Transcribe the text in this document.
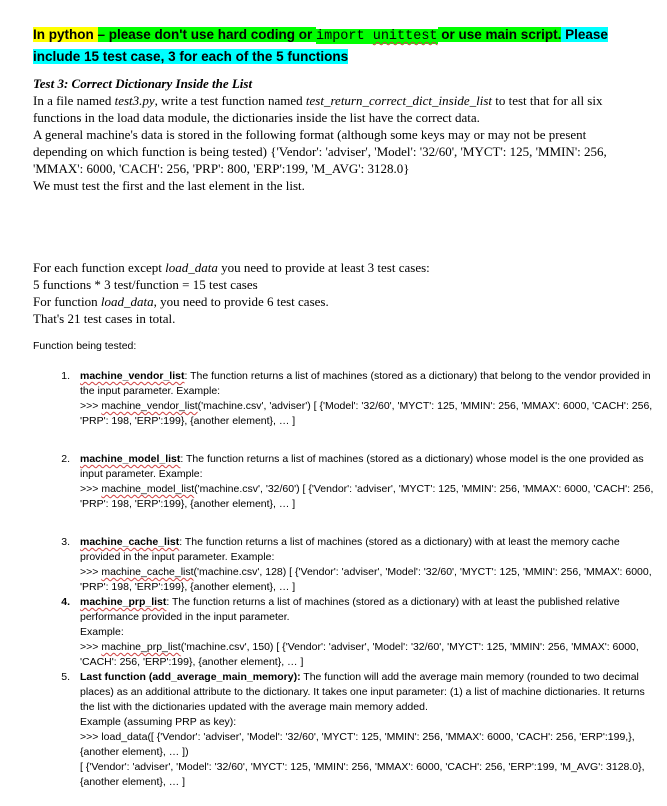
In python – please don't use hard coding or import unittest or use main script. Please
include 15 test case, 3 for each of the 5 functions

Test 3: Correct Dictionary Inside the List

In a file named test3.py, write a test function named test_return_correct_dict_inside_list to test that for all six functions in the load data module, the dictionaries inside the list have the correct data.

A general machine's data is stored in the following format (although some keys may or may not be present depending on which function is being tested) {'Vendor': 'adviser', 'Model': '32/60', 'MYCT': 125, 'MMIN': 256, 'MMAX': 6000, 'CACH': 256, 'PRP': 800, 'ERP':199, 'M_AVG': 3128.0}

We must test the first and the last element in the list.

For each function except load_data you need to provide at least 3 test cases:

5 functions * 3 test/function = 15 test cases

For function load_data, you need to provide 6 test cases.

That's 21 test cases in total.

Function being tested:
1. machine_vendor_list: The function returns a list of machines (stored as a dictionary) that belong to the vendor provided in the input parameter. Example:
>>> machine_vendor_list('machine.csv', 'adviser') [ {'Model': '32/60', 'MYCT': 125, 'MMIN': 256, 'MMAX': 6000, 'CACH': 256, 'PRP': 198, 'ERP':199}, {another element}, … ]
2. machine_model_list: The function returns a list of machines (stored as a dictionary) whose model is the one provided as input parameter. Example:
>>> machine_model_list('machine.csv', '32/60') [ {'Vendor': 'adviser', 'MYCT': 125, 'MMIN': 256, 'MMAX': 6000, 'CACH': 256, 'PRP': 198, 'ERP':199}, {another element}, … ]
3. machine_cache_list: The function returns a list of machines (stored as a dictionary) with at least the memory cache provided in the input parameter. Example:
>>> machine_cache_list('machine.csv', 128) [ {'Vendor': 'adviser', 'Model': '32/60', 'MYCT': 125, 'MMIN': 256, 'MMAX': 6000, 'PRP': 198, 'ERP':199}, {another element}, … ]
4. machine_prp_list: The function returns a list of machines (stored as a dictionary) with at least the published relative performance provided in the input parameter.
Example:
>>> machine_prp_list('machine.csv', 150) [ {'Vendor': 'adviser', 'Model': '32/60', 'MYCT': 125, 'MMIN': 256, 'MMAX': 6000, 'CACH': 256, 'ERP':199}, {another element}, … ]
5. Last function (add_average_main_memory): The function will add the average main memory (rounded to two decimal places) as an additional attribute to the dictionary. It takes one input parameter: (1) a list of machine dictionaries. It returns the list with the dictionaries updated with the average main memory added.
Example (assuming PRP as key):
>>> load_data([ {'Vendor': 'adviser', 'Model': '32/60', 'MYCT': 125, 'MMIN': 256, 'MMAX': 6000, 'CACH': 256, 'ERP':199,}, {another element}, … ])
[ {'Vendor': 'adviser', 'Model': '32/60', 'MYCT': 125, 'MMIN': 256, 'MMAX': 6000, 'CACH': 256, 'ERP':199, 'M_AVG': 3128.0}, {another element}, … ]
